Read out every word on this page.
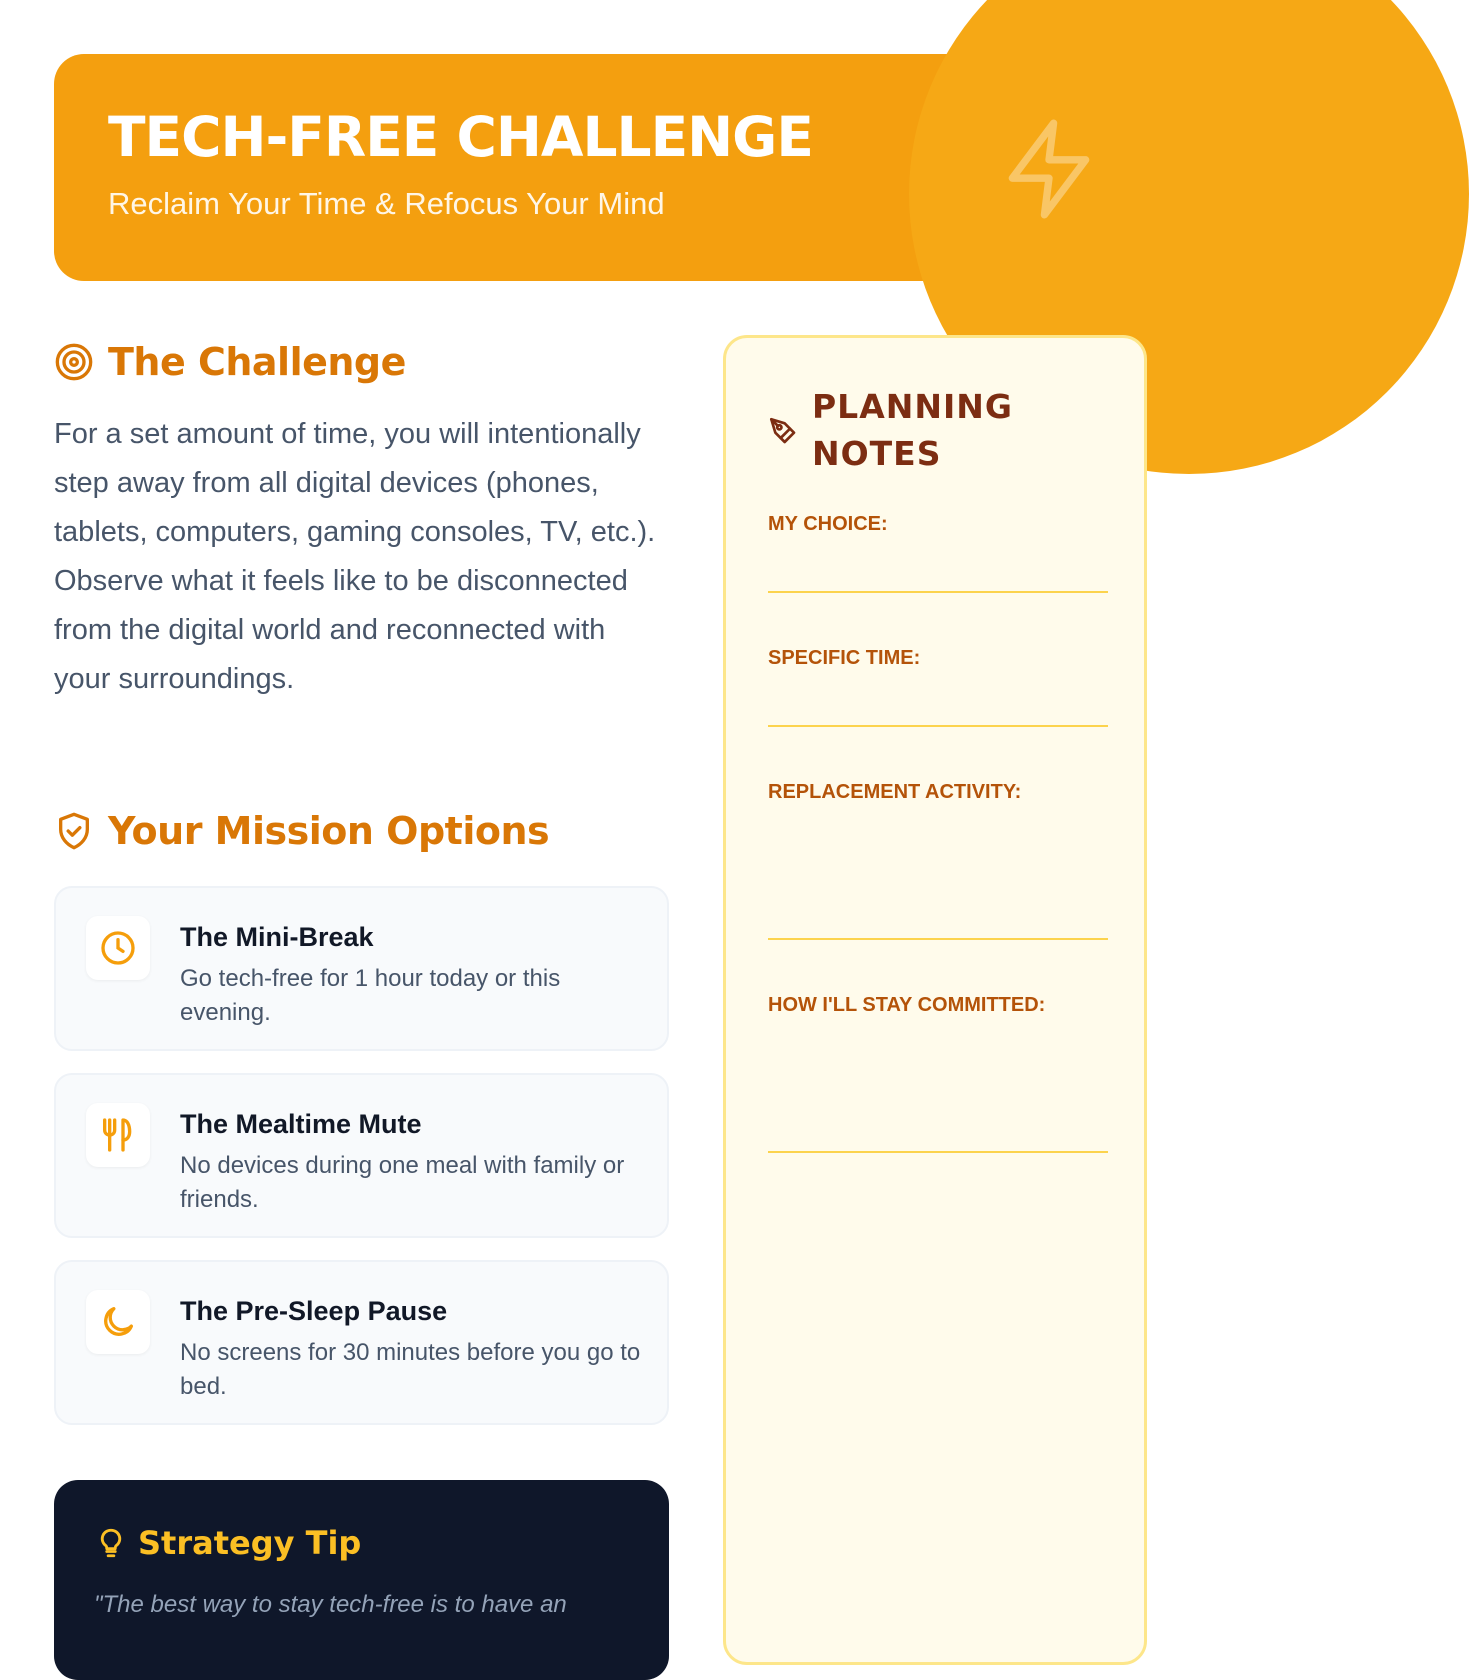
TECH-FREE CHALLENGE
Reclaim Your Time & Refocus Your Mind
The Challenge

For a set amount of time, you will intentionally step away from all digital devices (phones, tablets, computers, gaming consoles, TV, etc.). Observe what it feels like to be disconnected from the digital world and reconnected with your surroundings.

Your Mission Options
The Mini-Break
Go tech-free for 1 hour today or this evening.
The Mealtime Mute
No devices during one meal with family or friends.
The Pre-Sleep Pause
No screens for 30 minutes before you go to bed.
Strategy Tip
"The best way to stay tech-free is to have an
PLANNING NOTES
MY CHOICE:
SPECIFIC TIME:
REPLACEMENT ACTIVITY:
HOW I'LL STAY COMMITTED:
